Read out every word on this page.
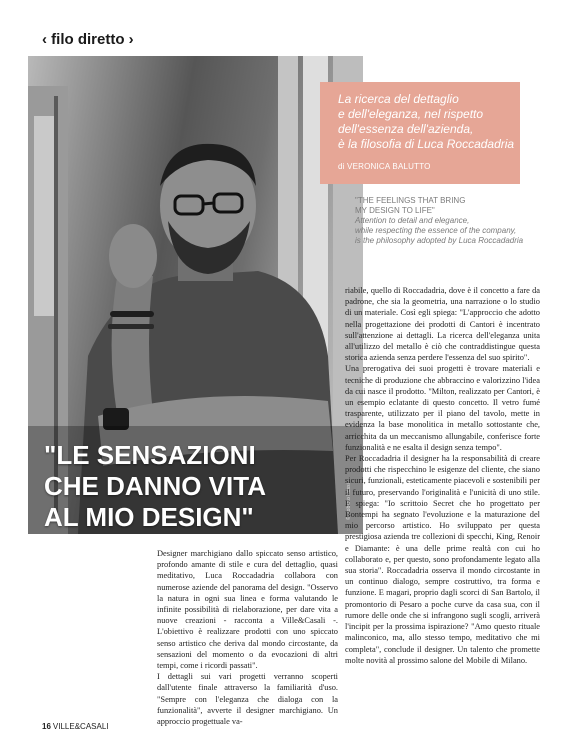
‹ filo diretto ›
"LE SENSAZIONI
CHE DANNO VITA
AL MIO DESIGN"	© Roberto Rossi
La ricerca del dettaglio
e dell'eleganza, nel rispetto
dell'essenza dell'azienda,
è la filosofia di Luca Roccadadria
di VERONICA BALUTTO
"THE FEELINGS THAT BRING
MY DESIGN TO LIFE"
Attention to detail and elegance,
while respecting the essence of the company,
is the philosophy adopted by Luca Roccadadria

Designer marchigiano dallo spiccato senso artistico, profondo amante di stile e cura del dettaglio, quasi meditativo, Luca Roccadadria collabora con numerose aziende del panorama del design. "Osservo la natura in ogni sua linea e forma valutando le infinite possibilità di rielaborazione, per dare vita a nuove creazioni - racconta a Ville&Casali -. L'obiettivo è realizzare prodotti con uno spiccato senso artistico che deriva dal mondo circostante, da sensazioni del momento o da evocazioni di altri tempi, come i ricordi passati".

I dettagli sui vari progetti verranno scoperti dall'utente finale attraverso la familiarità d'uso. "Sempre con l'eleganza che dialoga con la funzionalità", avverte il designer marchigiano. Un approccio progettuale va-

riabile, quello di Roccadadria, dove è il concetto a fare da padrone, che sia la geometria, una narrazione o lo studio di un materiale. Così egli spiega: "L'approccio che adotto nella progettazione dei prodotti di Cantori è incentrato sull'attenzione ai dettagli. La ricerca dell'eleganza unita all'utilizzo del metallo è ciò che contraddistingue questa storica azienda senza perdere l'essenza del suo spirito".

Una prerogativa dei suoi progetti è trovare materiali e tecniche di produzione che abbraccino e valorizzino l'idea da cui nasce il prodotto. "Milton, realizzato per Cantori, è un esempio eclatante di questo concetto. Il vetro fumé trasparente, utilizzato per il piano del tavolo, mette in evidenza la base monolitica in metallo sottostante che, arricchita da un meccanismo allungabile, conferisce forte funzionalità e ne esalta il design senza tempo".

Per Roccadadria il designer ha la responsabilità di creare prodotti che rispecchino le esigenze del cliente, che siano sicuri, funzionali, esteticamente piacevoli e sostenibili per il futuro, preservando l'originalità e l'unicità di uno stile. E spiega: "Io scrittoio Secret che ho progettato per Bontempi ha segnato l'evoluzione e la maturazione del mio percorso artistico. Ho sviluppato per questa prestigiosa azienda tre collezioni di specchi, King, Renoir e Diamante: è una delle prime realtà con cui ho collaborato e, per questo, sono profondamente legato alla sua storia". Roccadadria osserva il mondo circostante in un continuo dialogo, sempre costruttivo, tra forma e funzione. E magari, proprio dagli scorci di San Bartolo, il promontorio di Pesaro a poche curve da casa sua, con il rumore delle onde che si infrangono sugli scogli, arriverà l'incipit per la prossima ispirazione? "Amo questo rituale malinconico, ma, allo stesso tempo, meditativo che mi completa", conclude il designer. Un talento che promette molte novità al prossimo salone del Mobile di Milano.

16 VILLE&CASALI
